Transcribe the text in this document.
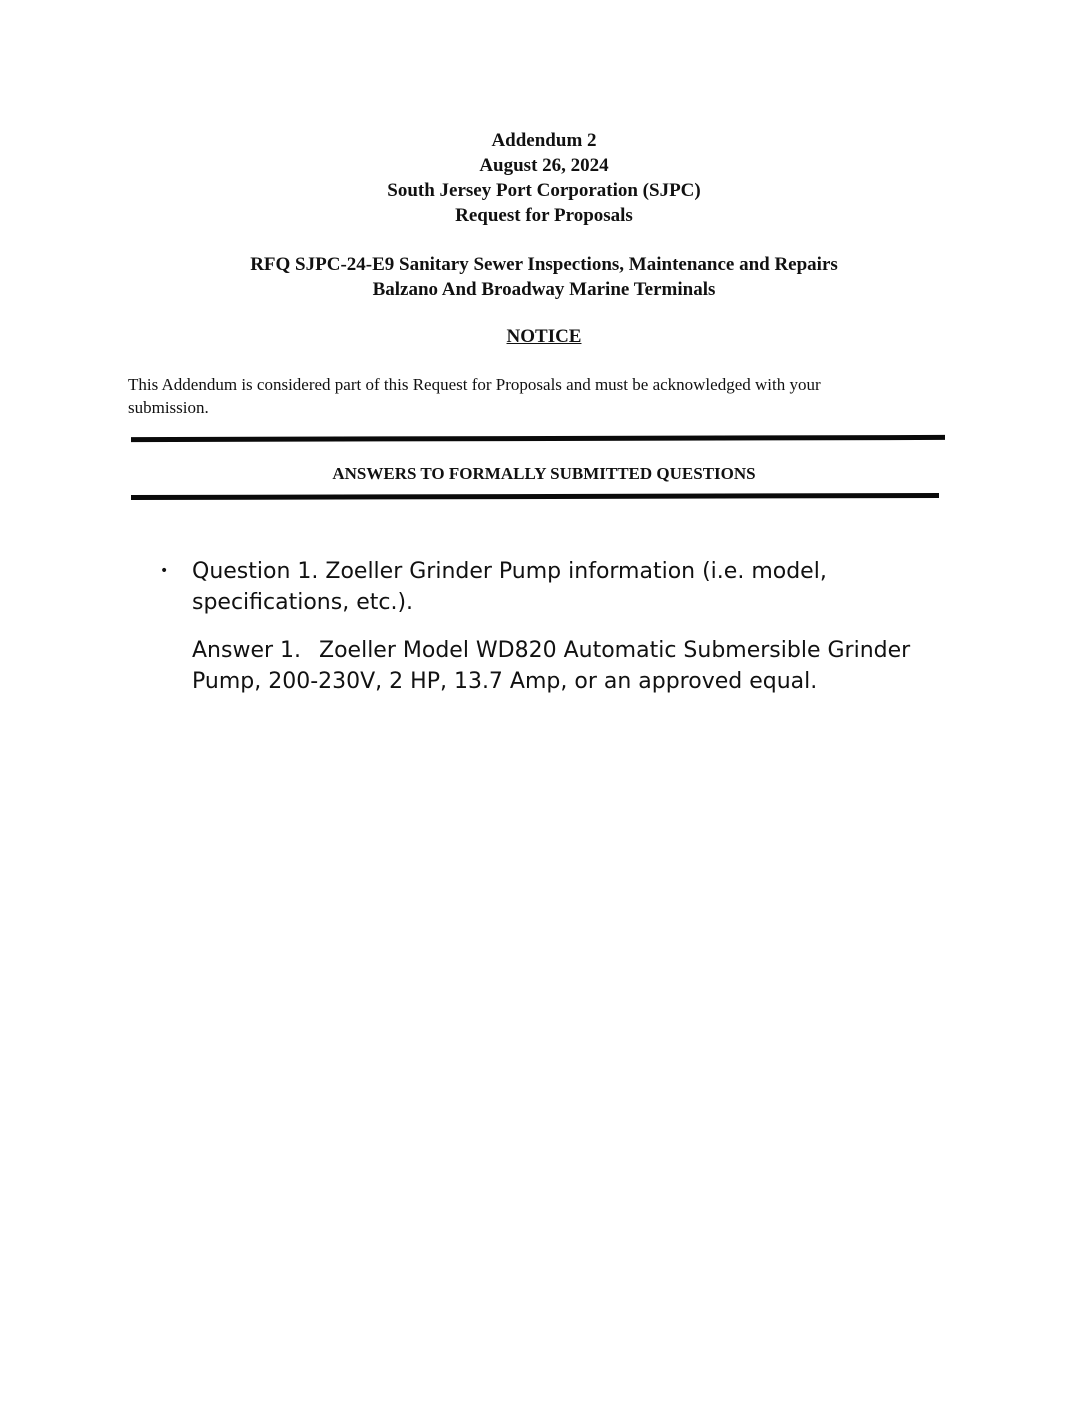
Addendum 2
August 26, 2024
South Jersey Port Corporation (SJPC)
Request for Proposals
RFQ SJPC-24-E9 Sanitary Sewer Inspections, Maintenance and Repairs
Balzano And Broadway Marine Terminals
NOTICE
This Addendum is considered part of this Request for Proposals and must be acknowledged with your
submission.
ANSWERS TO FORMALLY SUBMITTED QUESTIONS
• Question 1. Zoeller Grinder Pump information (i.e. model,
specifications, etc.).
Answer 1. Zoeller Model WD820 Automatic Submersible Grinder
Pump, 200-230V, 2 HP, 13.7 Amp, or an approved equal.
